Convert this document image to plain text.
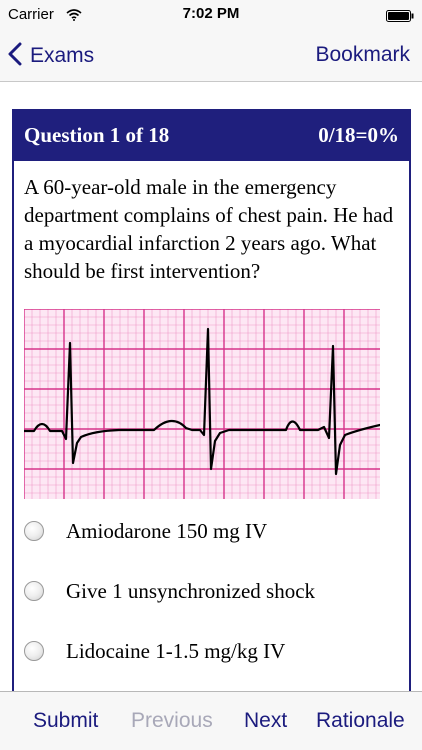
Carrier	7:02 PM
Exams	Bookmark
Question 1 of 18	0/18=0%
A 60-year-old male in the emergency department complains of chest pain. He had a myocardial infarction 2 years ago. What should be first intervention?
Amiodarone 150 mg IV
Give 1 unsynchronized shock
Lidocaine 1-1.5 mg/kg IV
Submit Previous Next Rationale
